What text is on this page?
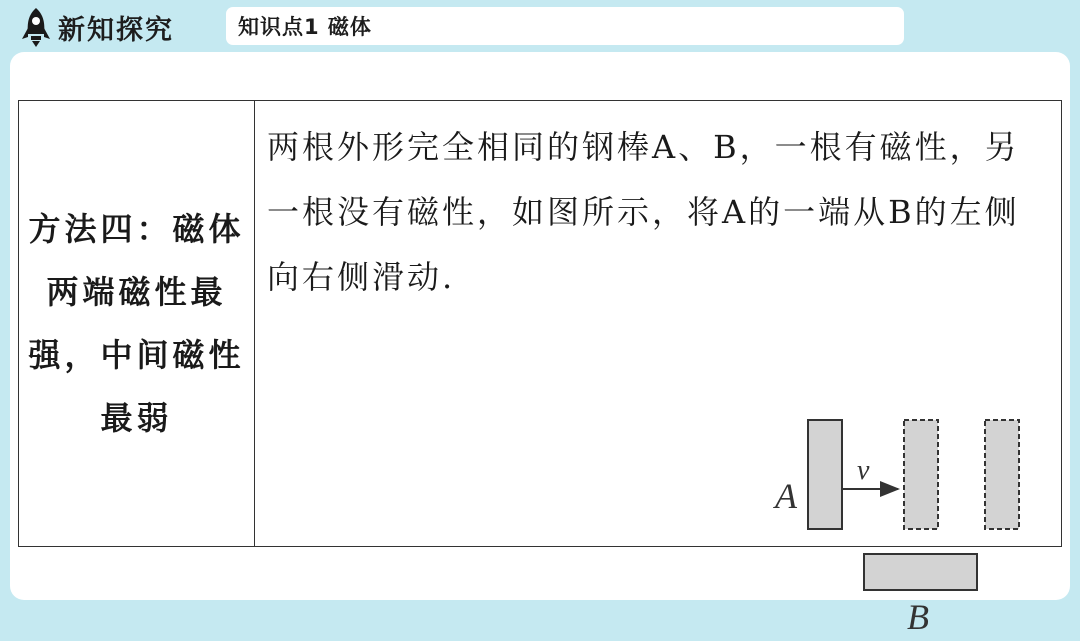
新知探究	知识点1 磁体

方法四：磁体两端磁性最强，中间磁性最弱

两根外形完全相同的钢棒A、B，一根有磁性，另一根没有磁性，如图所示，将A的一端从B的左侧向右侧滑动.

v
A
B
